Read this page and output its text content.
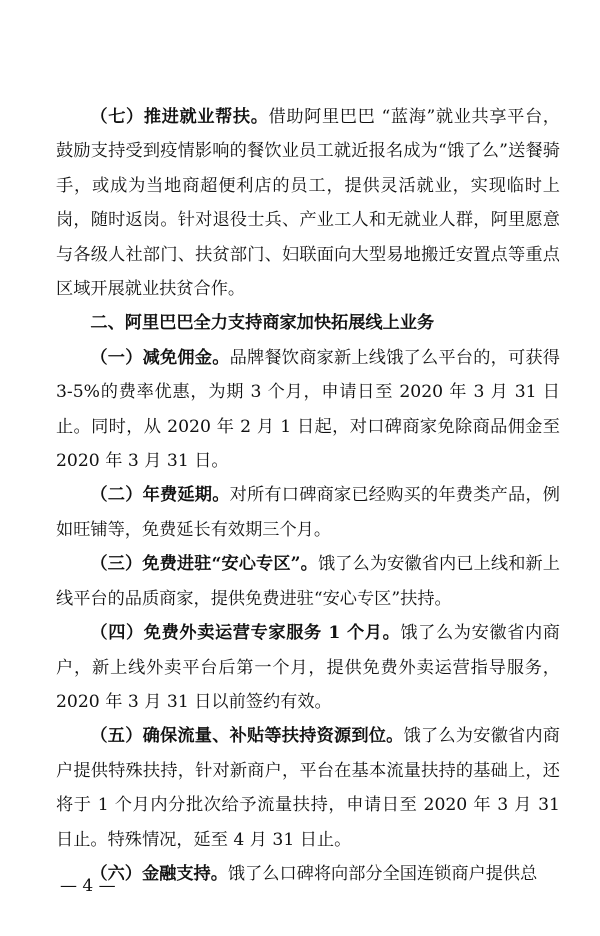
（七）推进就业帮扶。借助阿里巴巴 “蓝海”就业共享平台，鼓励支持受到疫情影响的餐饮业员工就近报名成为“饿了么”送餐骑手，或成为当地商超便利店的员工，提供灵活就业，实现临时上岗，随时返岗。针对退役士兵、产业工人和无就业人群，阿里愿意与各级人社部门、扶贫部门、妇联面向大型易地搬迁安置点等重点区域开展就业扶贫合作。

二、阿里巴巴全力支持商家加快拓展线上业务

（一）减免佣金。品牌餐饮商家新上线饿了么平台的，可获得 3-5%的费率优惠，为期 3 个月，申请日至 2020 年 3 月 31 日止。同时，从 2020 年 2 月 1 日起，对口碑商家免除商品佣金至 2020 年 3 月 31 日。

（二）年费延期。对所有口碑商家已经购买的年费类产品，例如旺铺等，免费延长有效期三个月。

（三）免费进驻“安心专区”。饿了么为安徽省内已上线和新上线平台的品质商家，提供免费进驻“安心专区”扶持。

（四）免费外卖运营专家服务 1 个月。饿了么为安徽省内商户，新上线外卖平台后第一个月，提供免费外卖运营指导服务，2020 年 3 月 31 日以前签约有效。

（五）确保流量、补贴等扶持资源到位。饿了么为安徽省内商户提供特殊扶持，针对新商户，平台在基本流量扶持的基础上，还将于 1 个月内分批次给予流量扶持，申请日至 2020 年 3 月 31 日止。特殊情况，延至 4 月 31 日止。

（六）金融支持。饿了么口碑将向部分全国连锁商户提供总

— 4 —
